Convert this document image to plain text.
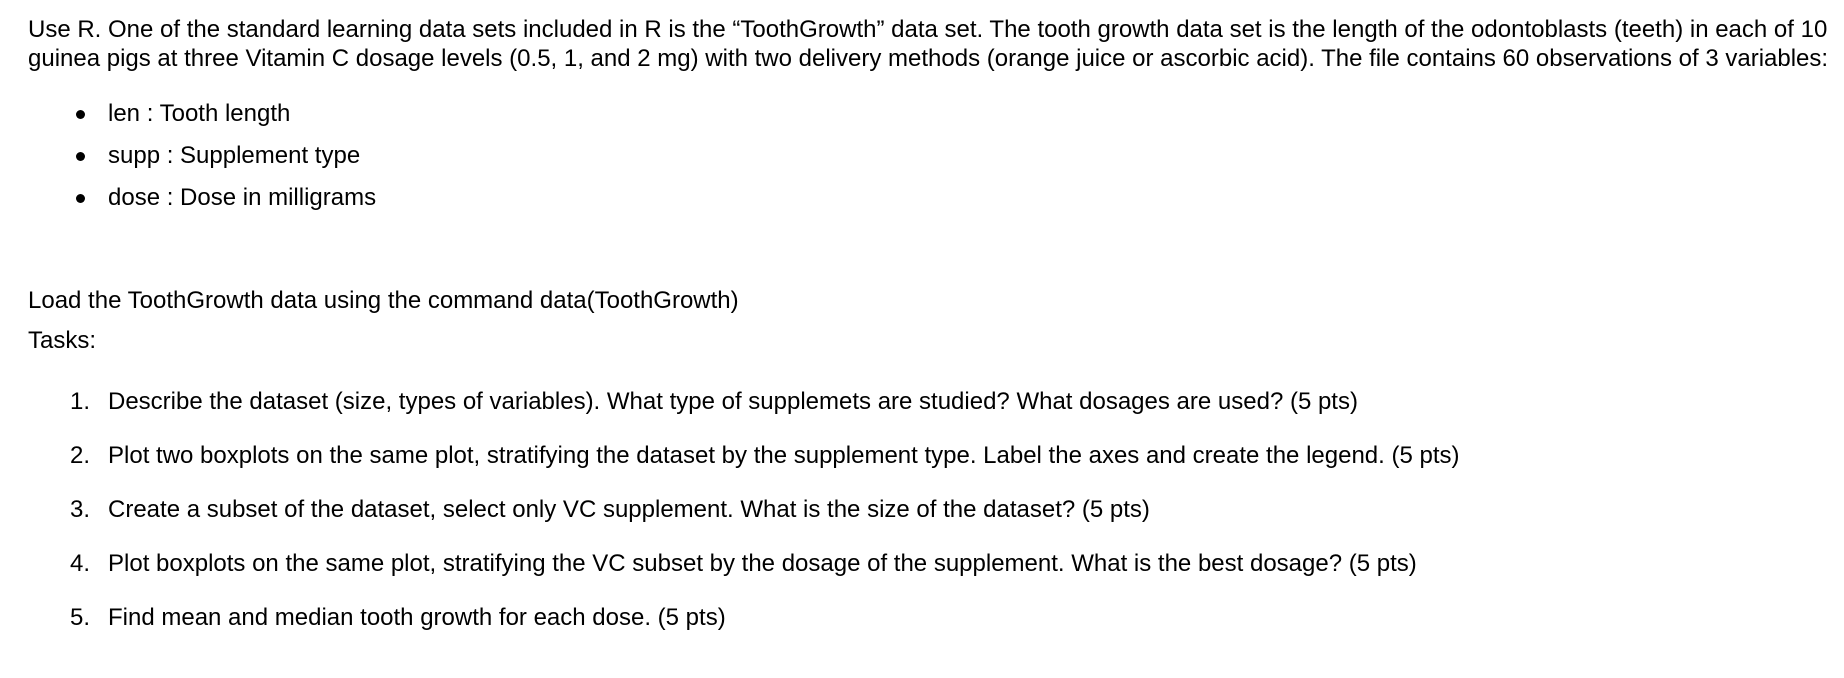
Use R. One of the standard learning data sets included in R is the “ToothGrowth” data set. The tooth growth data set is the length of the odontoblasts (teeth) in each of 10 guinea pigs at three Vitamin C dosage levels (0.5, 1, and 2 mg) with two delivery methods (orange juice or ascorbic acid). The file contains 60 observations of 3 variables:

len : Tooth length
supp : Supplement type
dose : Dose in milligrams

Load the ToothGrowth data using the command data(ToothGrowth)

Tasks:

1. Describe the dataset (size, types of variables). What type of supplemets are studied? What dosages are used? (5 pts)
2. Plot two boxplots on the same plot, stratifying the dataset by the supplement type. Label the axes and create the legend. (5 pts)
3. Create a subset of the dataset, select only VC supplement. What is the size of the dataset? (5 pts)
4. Plot boxplots on the same plot, stratifying the VC subset by the dosage of the supplement. What is the best dosage? (5 pts)
5. Find mean and median tooth growth for each dose. (5 pts)
